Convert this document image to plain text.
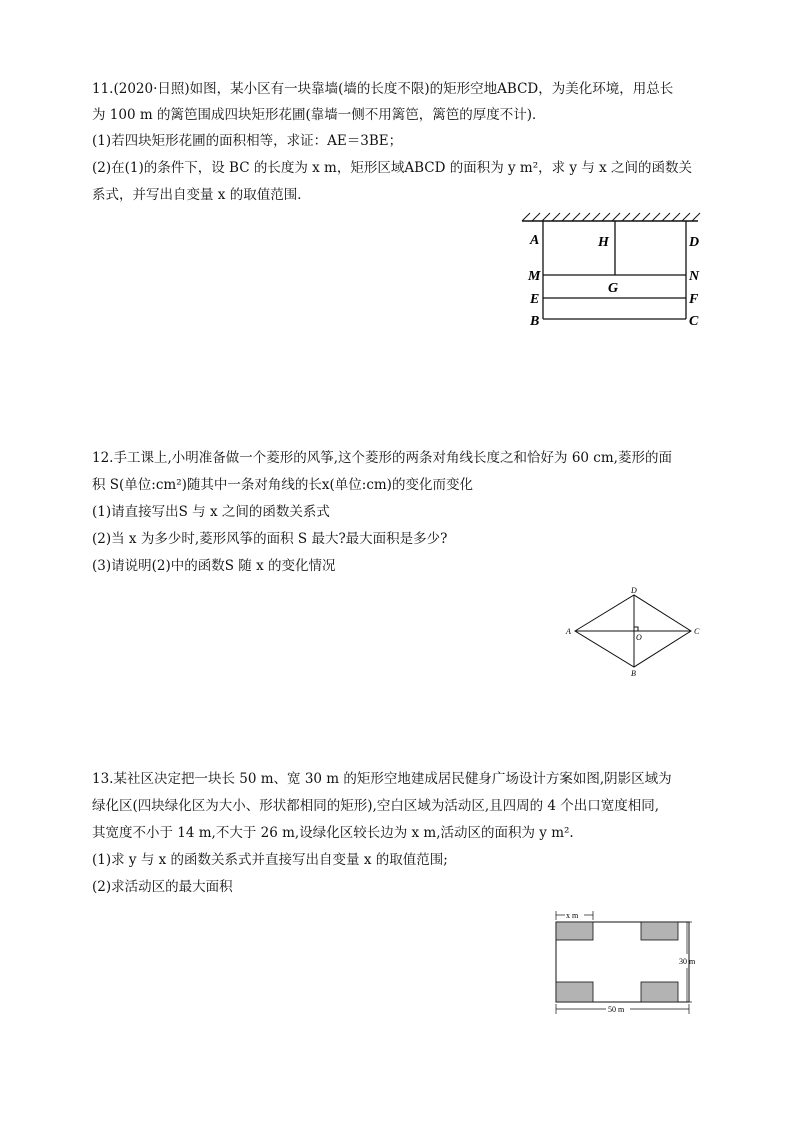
11.(2020·日照)如图，某小区有一块靠墙(墙的长度不限)的矩形空地ABCD，为美化环境，用总长
为 100 m 的篱笆围成四块矩形花圃(靠墙一侧不用篱笆，篱笆的厚度不计)．
(1)若四块矩形花圃的面积相等，求证：AE＝3BE；
(2)在(1)的条件下，设 BC 的长度为 x m，矩形区域ABCD 的面积为 y m²，求 y 与 x 之间的函数关
系式，并写出自变量 x 的取值范围．
A
M
E
B
H
G
D
N
F
C
12.手工课上,小明准备做一个菱形的风筝,这个菱形的两条对角线长度之和恰好为 60 cm,菱形的面
积 S(单位:cm²)随其中一条对角线的长x(单位:cm)的变化而变化
(1)请直接写出S 与 x 之间的函数关系式
(2)当 x 为多少时,菱形风筝的面积 S 最大?最大面积是多少?
(3)请说明(2)中的函数S 随 x 的变化情况
A
D
C
B
O
13.某社区决定把一块长 50 m、宽 30 m 的矩形空地建成居民健身广场设计方案如图,阴影区域为
绿化区(四块绿化区为大小、形状都相同的矩形),空白区域为活动区,且四周的 4 个出口宽度相同,
其宽度不小于 14 m,不大于 26 m,设绿化区较长边为 x m,活动区的面积为 y m².
(1)求 y 与 x 的函数关系式并直接写出自变量 x 的取值范围;
(2)求活动区的最大面积
x m
30 m
50 m
